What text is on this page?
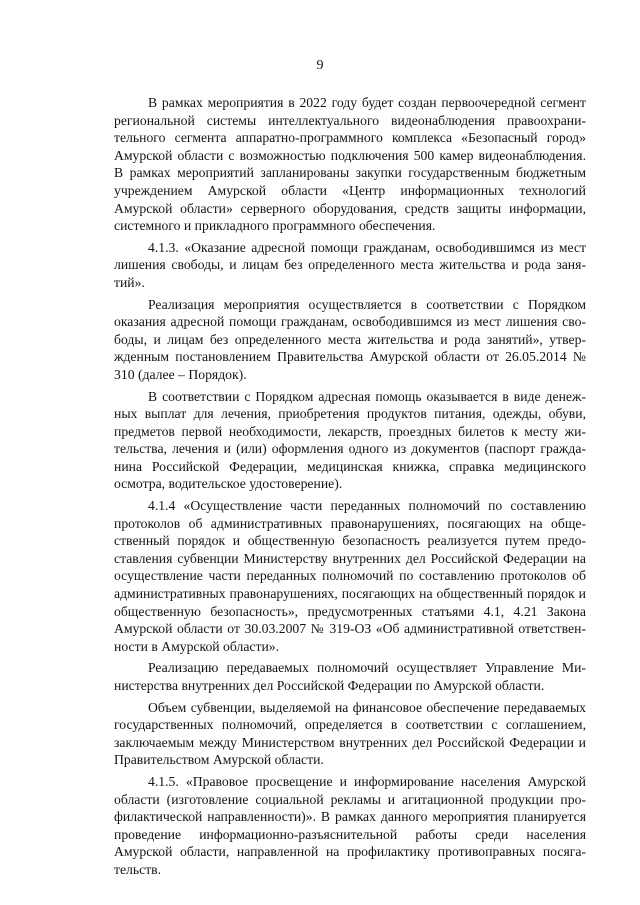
9

В рамках мероприятия в 2022 году будет создан первоочередной сегмент региональной системы интеллектуального видеонаблюдения правоохранительного сегмента аппаратно-программного комплекса «Безопасный город» Амурской области с возможностью подключения 500 камер видеонаблюдения. В рамках мероприятий запланированы закупки государственным бюджетным учреждением Амурской области «Центр информационных технологий Амурской области» серверного оборудования, средств защиты информации, системного и прикладного программного обеспечения.

4.1.3. «Оказание адресной помощи гражданам, освободившимся из мест лишения свободы, и лицам без определенного места жительства и рода занятий».

Реализация мероприятия осуществляется в соответствии с Порядком оказания адресной помощи гражданам, освободившимся из мест лишения свободы, и лицам без определенного места жительства и рода занятий», утвержденным постановлением Правительства Амурской области от 26.05.2014 № 310 (далее – Порядок).

В соответствии с Порядком адресная помощь оказывается в виде денежных выплат для лечения, приобретения продуктов питания, одежды, обуви, предметов первой необходимости, лекарств, проездных билетов к месту жительства, лечения и (или) оформления одного из документов (паспорт гражданина Российской Федерации, медицинская книжка, справка медицинского осмотра, водительское удостоверение).

4.1.4 «Осуществление части переданных полномочий по составлению протоколов об административных правонарушениях, посягающих на общественный порядок и общественную безопасность реализуется путем предоставления субвенции Министерству внутренних дел Российской Федерации на осуществление части переданных полномочий по составлению протоколов об административных правонарушениях, посягающих на общественный порядок и общественную безопасность», предусмотренных статьями 4.1, 4.21 Закона Амурской области от 30.03.2007 № 319-ОЗ «Об административной ответственности в Амурской области».

Реализацию передаваемых полномочий осуществляет Управление Министерства внутренних дел Российской Федерации по Амурской области.

Объем субвенции, выделяемой на финансовое обеспечение передаваемых государственных полномочий, определяется в соответствии с соглашением, заключаемым между Министерством внутренних дел Российской Федерации и Правительством Амурской области.

4.1.5. «Правовое просвещение и информирование населения Амурской области (изготовление социальной рекламы и агитационной продукции профилактической направленности)». В рамках данного мероприятия планируется проведение информационно-разъяснительной работы среди населения Амурской области, направленной на профилактику противоправных посягательств.
